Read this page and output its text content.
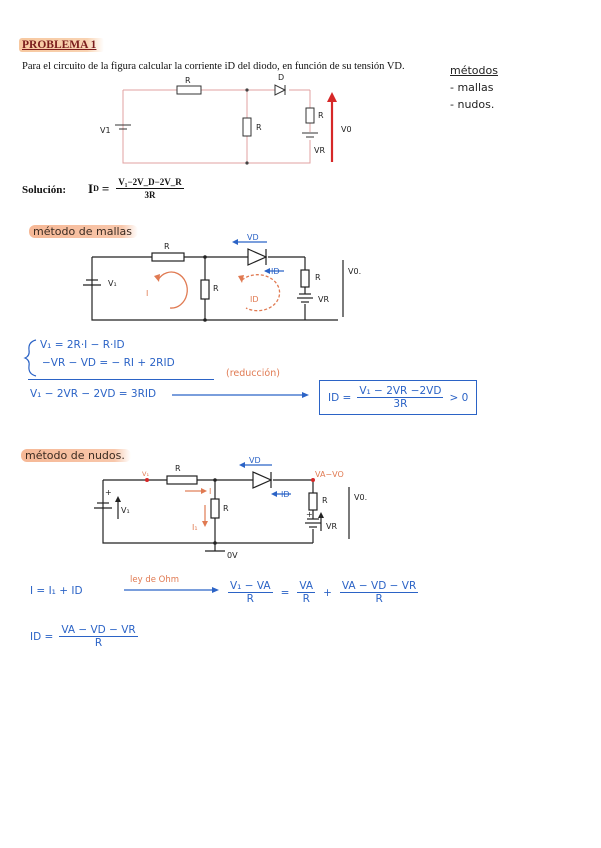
PROBLEMA 1
Para el circuito de la figura calcular la corriente iD del diodo, en función de su tensión VD.	métodos
- mallas
- nudos.
R	D
R
R
V1
VR
V0
Solución: I $D = \frac{\text{V₁−2V\_D−2V\_R}}{3R}$
método de mallas	VD
R
ID
R
V₁
I
ID
R
VR
V0.
V₁ = 2R·I − R·ID
−VR − VD = − RI + 2RID
(reducción)
V₁ − 2VR − 2VD = 3RID	ID = $\frac{\text{V₁ − 2VR −2VD}}{3R} > 0$
método de nudos.	VD
VA−VO
V₁
R
I	ID
V₁
I₁
R
R
VR
V0.
0V
+
+
I = I₁ + ID
ley de Ohm	$\frac{\text{V₁ − VA}}{R} = \frac{VA}{R} + \frac{VA - VD - VR}{R}$
ID = $\frac{VA - VD - VR}{R}$
